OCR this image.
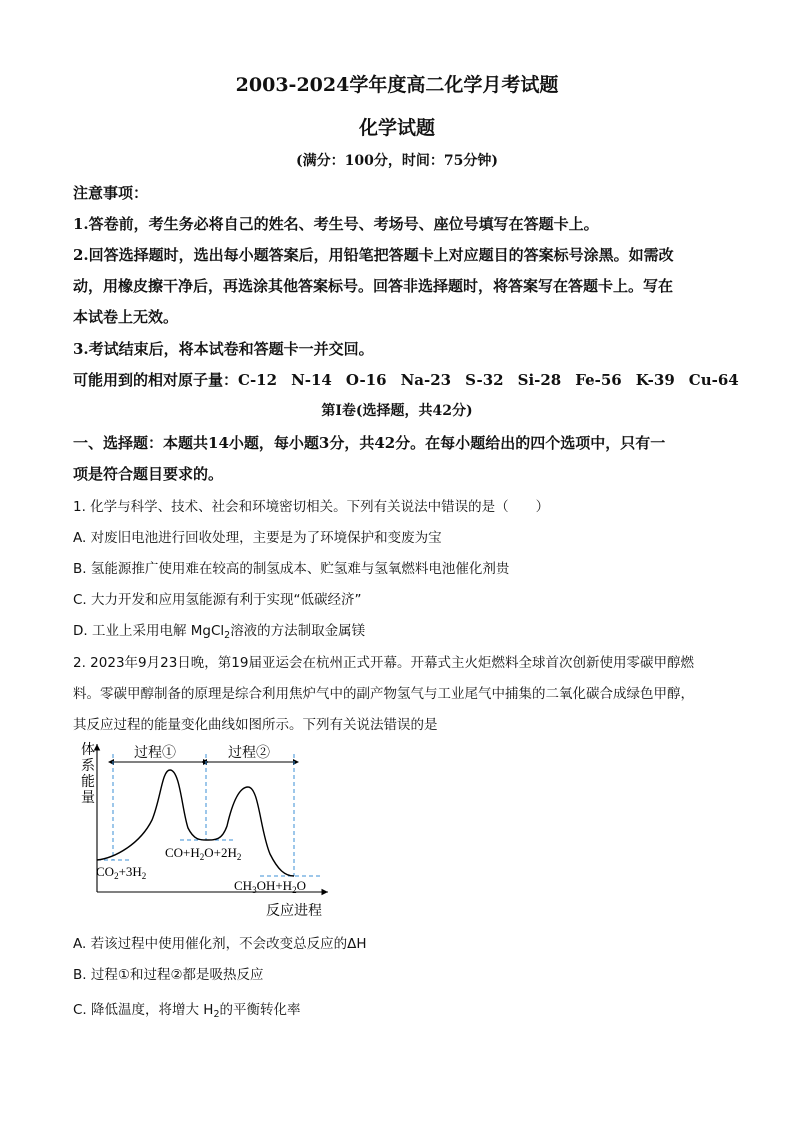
2003-2024学年度高二化学月考试题
化学试题
(满分：100分，时间：75分钟)
注意事项：
1.答卷前，考生务必将自己的姓名、考生号、考场号、座位号填写在答题卡上。
2.回答选择题时，选出每小题答案后，用铅笔把答题卡上对应题目的答案标号涂黑。如需改
动，用橡皮擦干净后，再选涂其他答案标号。回答非选择题时，将答案写在答题卡上。写在
本试卷上无效。
3.考试结束后，将本试卷和答题卡一并交回。
可能用到的相对原子量：C-12 N-14 O-16 Na-23 S-32 Si-28 Fe-56 K-39 Cu-64
第Ⅰ卷(选择题，共42分)
一、选择题：本题共14小题，每小题3分，共42分。在每小题给出的四个选项中，只有一
项是符合题目要求的。
1. 化学与科学、技术、社会和环境密切相关。下列有关说法中错误的是（　　）
A. 对废旧电池进行回收处理，主要是为了环境保护和变废为宝
B. 氢能源推广使用难在较高的制氢成本、贮氢难与氢氧燃料电池催化剂贵
C. 大力开发和应用氢能源有利于实现“低碳经济”
D. 工业上采用电解 MgCl$_2$溶液的方法制取金属镁
2. 2023年9月23日晚，第19届亚运会在杭州正式开幕。开幕式主火炬燃料全球首次创新使用零碳甲醇燃
料。零碳甲醇制备的原理是综合利用焦炉气中的副产物氢气与工业尾气中捕集的二氧化碳合成绿色甲醇，
其反应过程的能量变化曲线如图所示。下列有关说法错误的是
体
系
能
量
过程①	过程②
$CO_2+3H_2$
$CO+H_2O+2H_2$
$CH_3OH+H_2O$
反应进程
A. 若该过程中使用催化剂，不会改变总反应的ΔH
B. 过程①和过程②都是吸热反应
C. 降低温度，将增大 $H_2$的平衡转化率
